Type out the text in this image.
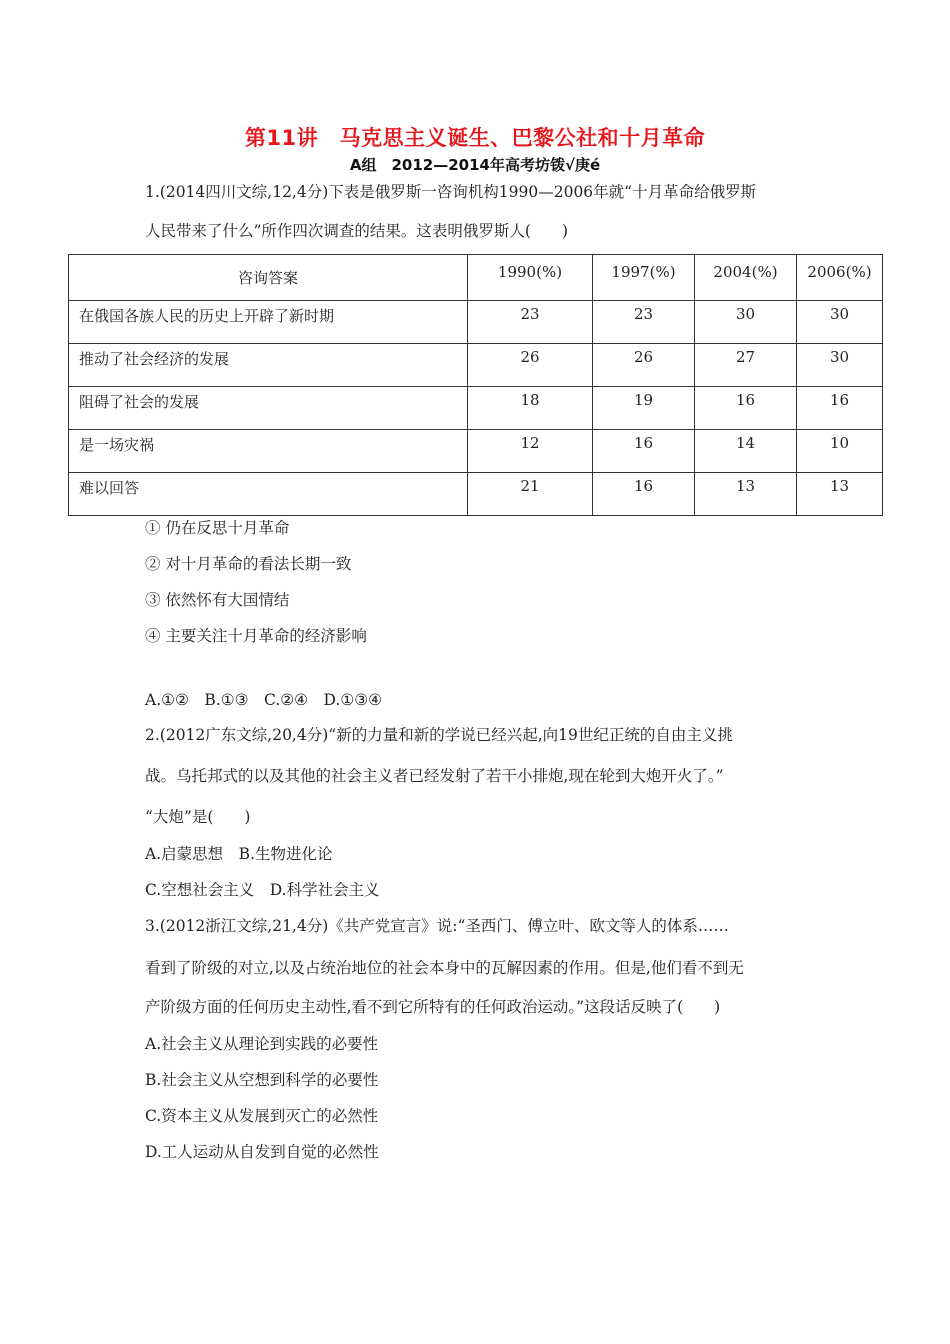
第11讲　马克思主义诞生、巴黎公社和十月革命
A组　2012—2014年高考坊䥽√庚é
1.(2014四川文综,12,4分)下表是俄罗斯一咨询机构1990—2006年就“十月革命给俄罗斯
人民带来了什么”所作四次调查的结果。这表明俄罗斯人(　　)
咨询答案	1990(%)	1997(%)	2004(%)	2006(%)
在俄国各族人民的历史上开辟了新时期	23	23	30	30
推动了社会经济的发展	26	26	27	30
阻碍了社会的发展	18	19	16	16
是一场灾祸	12	16	14	10
难以回答	21	16	13	13
① 仍在反思十月革命
② 对十月革命的看法长期一致
③ 依然怀有大国情结
④ 主要关注十月革命的经济影响
A.①②　B.①③　C.②④　D.①③④
2.(2012广东文综,20,4分)“新的力量和新的学说已经兴起,向19世纪正统的自由主义挑
战。乌托邦式的以及其他的社会主义者已经发射了若干小排炮,现在轮到大炮开火了。”
“大炮”是(　　)
A.启蒙思想　B.生物进化论
C.空想社会主义　D.科学社会主义
3.(2012浙江文综,21,4分)《共产党宣言》说:“圣西门、傅立叶、欧文等人的体系……
看到了阶级的对立,以及占统治地位的社会本身中的瓦解因素的作用。但是,他们看不到无
产阶级方面的任何历史主动性,看不到它所特有的任何政治运动。”这段话反映了(　　)
A.社会主义从理论到实践的必要性
B.社会主义从空想到科学的必要性
C.资本主义从发展到灭亡的必然性
D.工人运动从自发到自觉的必然性
